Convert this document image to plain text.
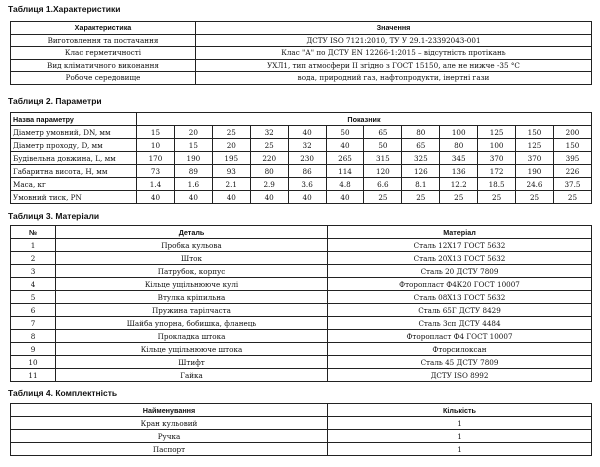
Таблиця 1.Характеристики

Характеристика	Значення
Виготовлення та постачання	ДСТУ ISO 7121:2010, ТУ У 29.1-23392043-001
Клас герметичності	Клас "А" по ДСТУ EN 12266-1:2015 – відсутність протікань
Вид кліматичного виконання	УХЛ1, тип атмосфери II згідно з ГОСТ 15150, але не нижче -35 °С
Робоче середовище	вода, природний газ, нафтопродукти, інертні гази

Таблиця 2. Параметри

Назва параметру	Показник											
Діаметр умовний, DN, мм	15	20	25	32	40	50	65	80	100	125	150	200
Діаметр проходу, D, мм	10	15	20	25	32	40	50	65	80	100	125	150
Будівельна довжина, L, мм	170	190	195	220	230	265	315	325	345	370	370	395
Габаритна висота, H, мм	73	89	93	80	86	114	120	126	136	172	190	226
Маса, кг	1.4	1.6	2.1	2.9	3.6	4.8	6.6	8.1	12.2	18.5	24.6	37.5
Умовний тиск, PN	40	40	40	40	40	40	25	25	25	25	25	25

Таблиця 3. Матеріали

№	Деталь	Матеріал
1	Пробка кульова	Сталь 12Х17 ГОСТ 5632
2	Шток	Сталь 20Х13 ГОСТ 5632
3	Патрубок, корпус	Сталь 20 ДСТУ 7809
4	Кільце ущільнююче кулі	Фторопласт Ф4К20 ГОСТ 10007
5	Втулка кріпильна	Сталь 08Х13 ГОСТ 5632
6	Пружина тарілчаста	Сталь 65Г ДСТУ 8429
7	Шайба упорна, бобишка, фланець	Сталь 3сп ДСТУ 4484
8	Прокладка штока	Фторопласт Ф4 ГОСТ 10007
9	Кільце ущільнююче штока	Фторсилоксан
10	Штифт	Сталь 45 ДСТУ 7809
11	Гайка	ДСТУ ISO 8992

Таблиця 4. Комплектність

Найменування	Кількість
Кран кульовий	1
Ручка	1
Паспорт	1
